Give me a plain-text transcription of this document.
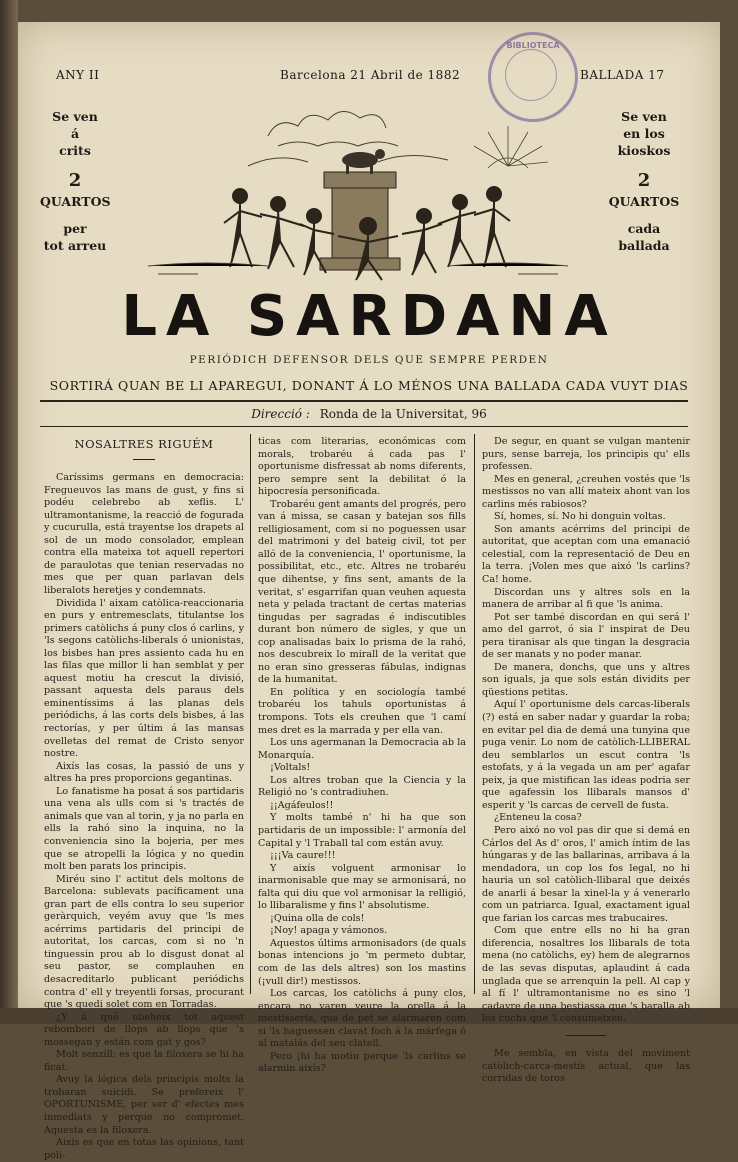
ANY II	Barcelona 21 Abril de 1882	BALLADA 17
BIBLIOTECA
Se ven
á
crits
2
QUARTOS
per
tot arreu
Se ven
en los
kioskos
2
QUARTOS
cada
ballada
LA SARDANA
PERIÓDICH DEFENSOR DELS QUE SEMPRE PERDEN
SORTIRÁ QUAN BE LI APAREGUI, DONANT Á LO MÉNOS UNA BALLADA CADA VUYT DIAS
Direcció : Ronda de la Universitat, 96
NOSALTRES RIGUÉM

Caríssims germans en democracia: Fregueuvos las mans de gust, y fins si podéu celebrebo ab xeflis. L' ultramontanisme, la reacció de fogurada y cucurulla, está trayentse los drapets al sol de un modo consolador, emplean contra ella mateixa tot aquell repertori de paraulotas que tenian reservadas no mes que per quan parlavan dels liberalots heretjes y condemnats.

Dividida l' aixam catòlica-reaccionaria en purs y entremesclats, titulantse los primers catòlichs á puny clos ó carlins, y 'ls segons catòlichs-liberals ó unionistas, los bisbes han pres assiento cada hu en las filas que millor li han semblat y per aquest motiu ha crescut la divisió, passant aquesta dels paraus dels eminentíssims á las planas dels periódichs, á las corts dels bisbes, á las rectorías, y per últim á las mansas ovelletas del remat de Cristo senyor nostre.

Aixís las cosas, la passió de uns y altres ha pres proporcions gegantinas.

Lo fanatisme ha posat á sos partidaris una vena als ulls com si 's tractés de animals que van al torin, y ja no parla en ells la rahó sino la inquina, no la conveniencia sino la bojeria, per mes que se atropelli la lógica y no quedin molt ben parats los principis.

Miréu sino l' actitut dels moltons de Barcelona: sublevats pacíficament una gran part de ells contra lo seu superior geràrquich, veyém avuy que 'ls mes acérrims partidaris del principi de autoritat, los carcas, com si no 'n tinguessin prou ab lo disgust donat al seu pastor, se complauhen en desacreditarlo publicant periódichs contra d' ell y treyentli forsas, procurant que 's quedi solet com en Torradas.

¿Y á qué obeheix tot aquest rebombori de llops ab llops que 's mossegan y están com gat y gos?

Molt senzill: es que la filoxera se hi ha ficat.

Avuy la lógica dels principis molts la trobaran suicidi. Se prefereix l' OPORTUNISME, per ser d' efectes mes inmediats y perque no compromet. Aquesta es la filoxera.

Aixís es que en totas las opinions, tant poli-

ticas com literarias, económicas com morals, trobaréu á cada pas l' oportunisme disfressat ab noms diferents, pero sempre sent la debilitat ó la hipocresía personificada.

Trobaréu gent amants del progrés, pero van á missa, se casan y batejan sos fills relligiosament, com si no poguessen usar del matrimoni y del bateig civil, tot per alló de la conveniencia, l' oportunisme, la possibilitat, etc., etc. Altres ne trobaréu que dihentse, y fins sent, amants de la veritat, s' esgarrifan quan veuhen aquesta neta y pelada tractant de certas materias tingudas per sagradas é indiscutibles durant bon número de sigles, y que un cop analisadas baix lo prisma de la rahó, nos descubreix lo mirall de la veritat que no eran sino gresseras fábulas, indignas de la humanitat.

En política y en sociología també trobaréu los tahuls oportunistas á trompons. Tots els creuhen que 'l camí mes dret es la marrada y per ella van.

Los uns agermanan la Democracia ab la Monarquía.

¡Voltals!

Los altres troban que la Ciencia y la Religió no 's contradiuhen.

¡¡Agáfeulos!!

Y molts també n' hi ha que son partidaris de un impossible: l' armonía del Capital y 'l Traball tal com están avuy.

¡¡¡Va caure!!!

Y aixís volguent armonisar lo inarmonisable que may se armonisará, no falta qui diu que vol armonisar la relligió, lo llibaralisme y fins l' absolutisme.

¡Quina olla de cols!

¡Noy! apaga y vámonos.

Aquestos últims armonisadors (de quals bonas intencions jo 'm permeto dubtar, com de las dels altres) son los mastins (¡vull dir!) mestissos.

Los carcas, los catòlichs á puny clos, encara no varen veure la orella á la mestissería, que de pet se alarmaren com si 'ls haguessen clavat foch á la márfega ó al matalás del seu clatell.

Pero ¡hi ha motiu perque 'ls carlins se alarmin aixís?

De segur, en quant se vulgan mantenir purs, sense barreja, los principis qu' ells professen.

Mes en general, ¿creuhen vostés que 'ls mestissos no van allí mateix ahont van los carlins més rabiosos?

Sí, homes, sí. No hi donguin voltas.

Son amants acérrims del principi de autoritat, que aceptan com una emanació celestial, com la representació de Deu en la terra. ¡Volen mes que aixó 'ls carlins? Ca! home.

Discordan uns y altres sols en la manera de arribar al fi que 'ls anima.

Pot ser també discordan en qui será l' amo del garrot, ó sia l' inspirat de Deu pera tiranisar als que tingan la desgracia de ser manats y no poder manar.

De manera, donchs, que uns y altres son iguals, ja que sols están dividits per qüestions petitas.

Aquí l' oportunisme dels carcas-liberals (?) está en saber nadar y guardar la roba; en evitar pel dia de demá una tunyina que puga venir. Lo nom de catòlich-LLIBERAL deu semblarlos un escut contra 'ls estofats, y á la vegada un am per' agafar peix, ja que mistifican las ideas podria ser que agafessin los llibarals mansos d' esperit y 'ls carcas de cervell de fusta.

¿Enteneu la cosa?

Pero aixó no vol pas dir que si demá en Cárlos del As d' oros, l' amich íntim de las húngaras y de las ballarinas, arribava á la mendadora, un cop los fos legal, no hi hauria un sol catòlich-llibaral que deixés de anarli á besar la xinel-la y á venerarlo com un patriarca. Igual, exactament igual que farian los carcas mes trabucaires.

Com que entre ells no hi ha gran diferencia, nosaltres los llibarals de tota mena (no catòlichs, ey) hem de alegrarnos de las sevas disputas, aplaudint á cada unglada que se arrenquin la pell. Al cap y al fí l' ultramontanisme no es sino 'l cadavre de una bestiassa que 's baralla ab los cuchs que 'l consumeixen.

Me sembla, en vista del moviment catòlich-carca-mestís actual, que las corridas de toros
